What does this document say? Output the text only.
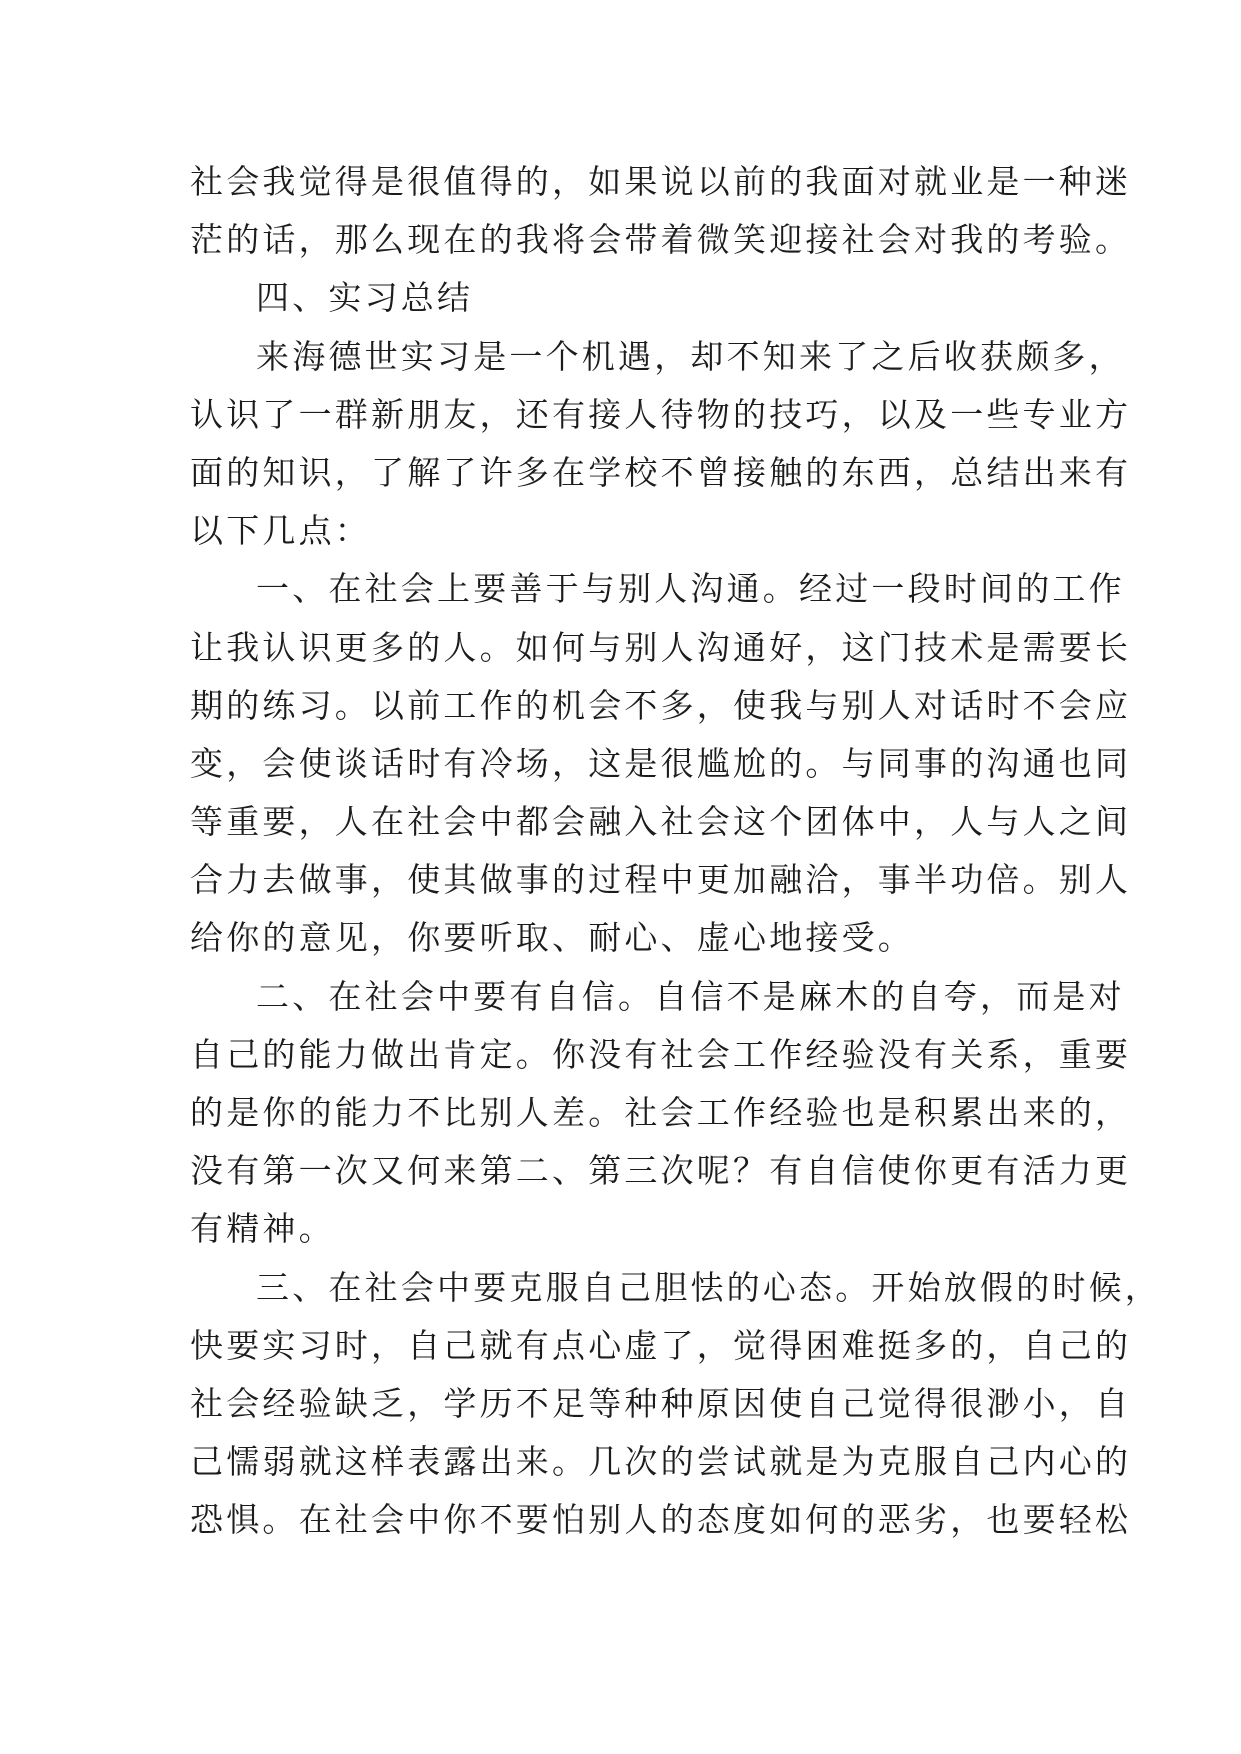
社会我觉得是很值得的，如果说以前的我面对就业是一种迷
茫的话，那么现在的我将会带着微笑迎接社会对我的考验。
四、实习总结
来海德世实习是一个机遇，却不知来了之后收获颇多，
认识了一群新朋友，还有接人待物的技巧，以及一些专业方
面的知识，了解了许多在学校不曾接触的东西，总结出来有
以下几点：
一、在社会上要善于与别人沟通。经过一段时间的工作
让我认识更多的人。如何与别人沟通好，这门技术是需要长
期的练习。以前工作的机会不多，使我与别人对话时不会应
变，会使谈话时有冷场，这是很尴尬的。与同事的沟通也同
等重要，人在社会中都会融入社会这个团体中，人与人之间
合力去做事，使其做事的过程中更加融洽，事半功倍。别人
给你的意见，你要听取、耐心、虚心地接受。
二、在社会中要有自信。自信不是麻木的自夸，而是对
自己的能力做出肯定。你没有社会工作经验没有关系，重要
的是你的能力不比别人差。社会工作经验也是积累出来的，
没有第一次又何来第二、第三次呢？有自信使你更有活力更
有精神。
三、在社会中要克服自己胆怯的心态。开始放假的时候，
快要实习时，自己就有点心虚了，觉得困难挺多的，自己的
社会经验缺乏，学历不足等种种原因使自己觉得很渺小，自
己懦弱就这样表露出来。几次的尝试就是为克服自己内心的
恐惧。在社会中你不要怕别人的态度如何的恶劣，也要轻松
